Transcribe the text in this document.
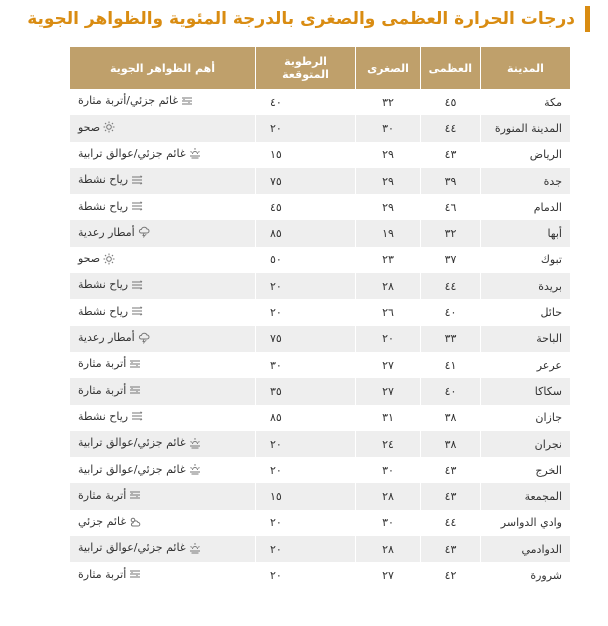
درجات الحرارة العظمى والصغرى بالدرجة المئوية والظواهر الجوية
المدينة	العظمى	الصغرى	الرطوبة المتوقعة	أهم الظواهر الجوية
مكة	٤٥	٣٢	٤٠	غائم جزئي/أتربة مثارة

المدينة المنورة	٤٤	٣٠	٢٠	صحو

الرياض	٤٣	٢٩	١٥	غائم جزئي/عوالق ترابية

جدة	٣٩	٢٩	٧٥	رياح نشطة

الدمام	٤٦	٢٩	٤٥	رياح نشطة

أبها	٣٢	١٩	٨٥	أمطار رعدية

تبوك	٣٧	٢٣	٥٠	صحو

بريدة	٤٤	٢٨	٢٠	رياح نشطة

حائل	٤٠	٢٦	٢٠	رياح نشطة

الباحة	٣٣	٢٠	٧٥	أمطار رعدية

عرعر	٤١	٢٧	٣٠	أتربة مثارة

سكاكا	٤٠	٢٧	٣٥	أتربة مثارة

جازان	٣٨	٣١	٨٥	رياح نشطة

نجران	٣٨	٢٤	٢٠	غائم جزئي/عوالق ترابية

الخرج	٤٣	٣٠	٢٠	غائم جزئي/عوالق ترابية

المجمعة	٤٣	٢٨	١٥	أتربة مثارة

وادي الدواسر	٤٤	٣٠	٢٠	غائم جزئي

الدوادمي	٤٣	٢٨	٢٠	غائم جزئي/عوالق ترابية

شرورة	٤٢	٢٧	٢٠	أتربة مثارة
